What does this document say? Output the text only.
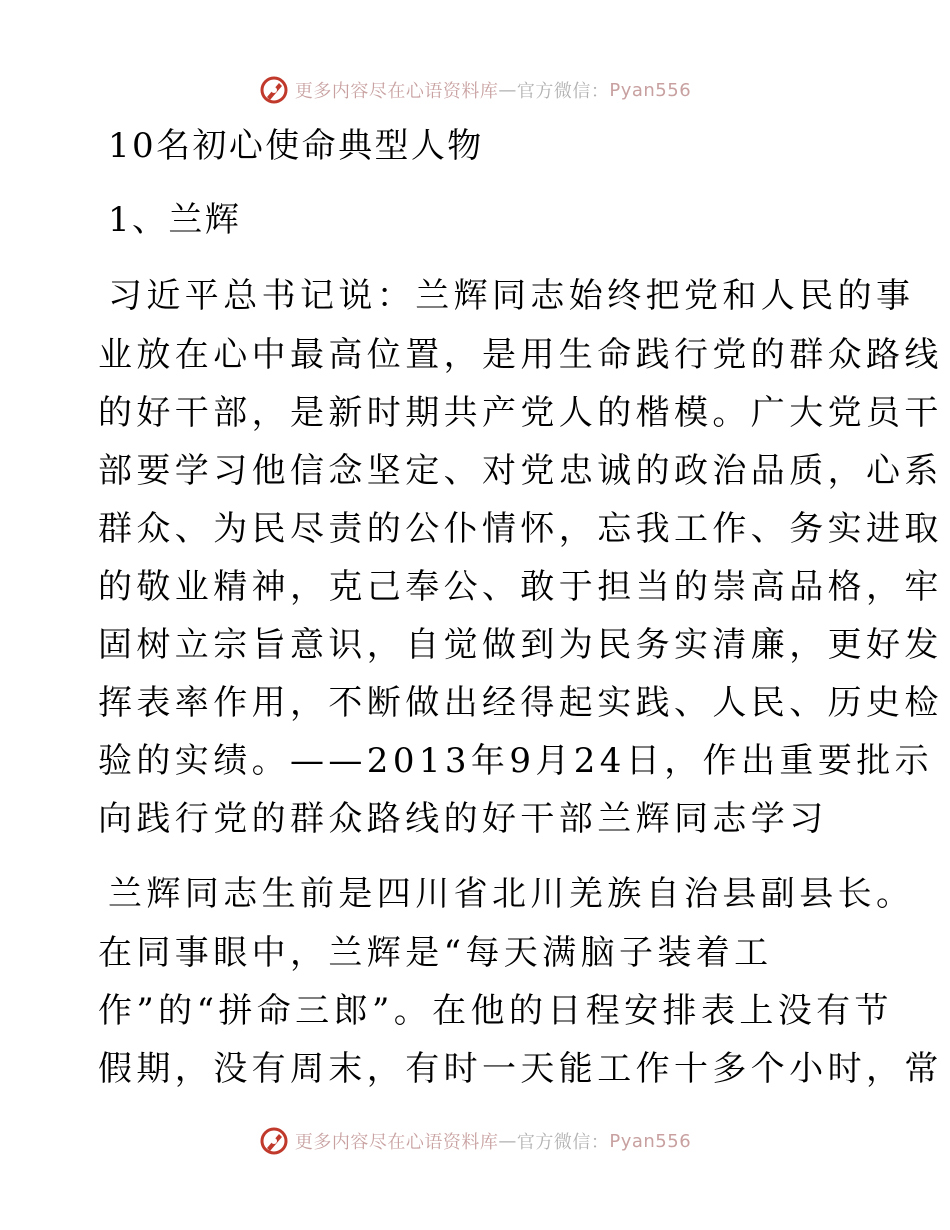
更多内容尽在心语资料库 — 官方微信： Pyan556
10名初心使命典型人物
1、兰辉
习近平总书记说：兰辉同志始终把党和人民的事
业放在心中最高位置，是用生命践行党的群众路线
的好干部，是新时期共产党人的楷模。广大党员干
部要学习他信念坚定、对党忠诚的政治品质，心系
群众、为民尽责的公仆情怀，忘我工作、务实进取
的敬业精神，克己奉公、敢于担当的崇高品格，牢
固树立宗旨意识，自觉做到为民务实清廉，更好发
挥表率作用，不断做出经得起实践、人民、历史检
验的实绩。——2013年9月24日，作出重要批示
向践行党的群众路线的好干部兰辉同志学习
兰辉同志生前是四川省北川羌族自治县副县长。
在同事眼中，兰辉是“每天满脑子装着工
作”的“拼命三郎”。在他的日程安排表上没有节
假期，没有周末，有时一天能工作十多个小时，常
更多内容尽在心语资料库 — 官方微信： Pyan556
